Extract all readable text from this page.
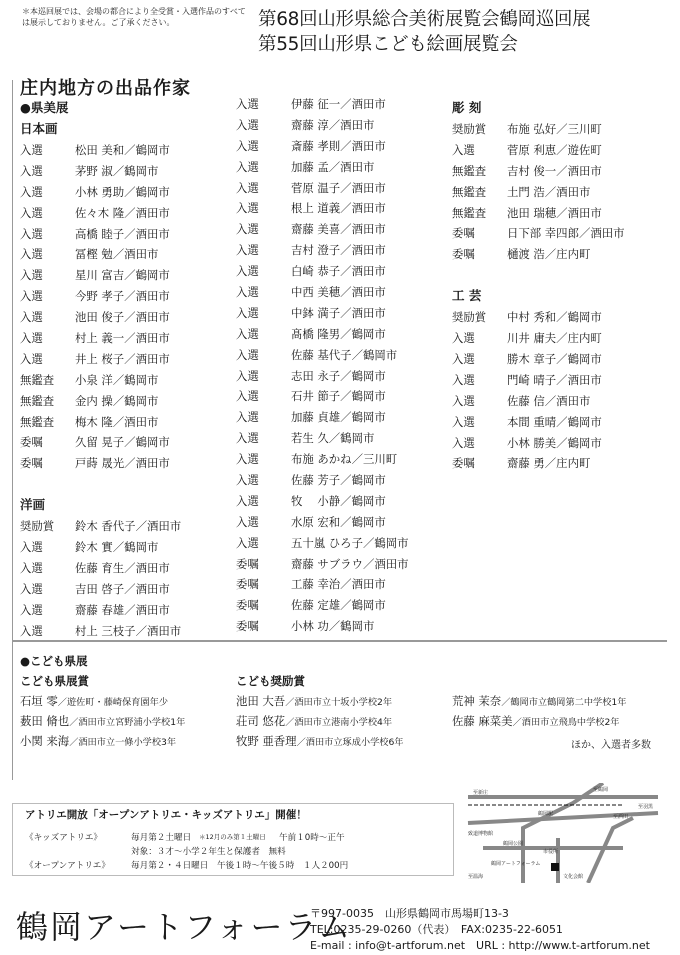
＊本巡回展では、会場の都合により全受賞・入選作品のすべては展示しておりません。ご了承ください。	第68回山形県総合美術展覧会鶴岡巡回展
第55回山形県こども絵画展覧会
庄内地方の出品作家
●県美展
日本画
入選	松田 美和／鶴岡市
入選	茅野 淑／鶴岡市
入選	小林 勇助／鶴岡市
入選	佐々木 隆／酒田市
入選	高橋 睦子／酒田市
入選	冨樫 勉／酒田市
入選	星川 富吉／鶴岡市
入選	今野 孝子／酒田市
入選	池田 俊子／酒田市
入選	村上 義一／酒田市
入選	井上 桜子／酒田市
無鑑査 小泉 洋／鶴岡市
無鑑査 金内 操／鶴岡市
無鑑査 梅木 隆／酒田市
委嘱	久留 晃子／鶴岡市
委嘱	戸蒔 晟光／酒田市
洋画
奨励賞 鈴木 香代子／酒田市
入選	鈴木 實／鶴岡市
入選	佐藤 育生／酒田市
入選	吉田 啓子／酒田市
入選	齋藤 春雄／酒田市
入選	村上 三枝子／酒田市
入選	伊藤 征一／酒田市
入選	齋藤 淳／酒田市
入選	斎藤 孝則／酒田市
入選	加藤 孟／酒田市
入選	菅原 温子／酒田市
入選	根上 道義／酒田市
入選	齋藤 美喜／酒田市
入選	吉村 澄子／酒田市
入選	白崎 恭子／酒田市
入選	中西 美穂／酒田市
入選	中鉢 満子／酒田市
入選	髙橋 隆男／鶴岡市
入選	佐藤 基代子／鶴岡市
入選	志田 永子／鶴岡市
入選	石井 節子／鶴岡市
入選	加藤 貞雄／鶴岡市
入選	若生 久／鶴岡市
入選	布施 あかね／三川町
入選	佐藤 芳子／鶴岡市
入選	牧　 小静／鶴岡市
入選	水原 宏和／鶴岡市
入選	五十嵐 ひろ子／鶴岡市
委嘱	齋藤 サブラウ／酒田市
委嘱	工藤 幸治／酒田市
委嘱	佐藤 定雄／鶴岡市
委嘱	小林 功／鶴岡市
彫 刻
奨励賞 布施 弘好／三川町
入選	菅原 利恵／遊佐町
無鑑査 吉村 俊一／酒田市
無鑑査 土門 浩／酒田市
無鑑査 池田 瑞穂／酒田市
委嘱	日下部 幸四郎／酒田市
委嘱	樋渡 浩／庄内町
工 芸
奨励賞 中村 秀和／鶴岡市
入選	川井 庸夫／庄内町
入選	勝木 章子／鶴岡市
入選	門崎 晴子／酒田市
入選	佐藤 信／酒田市
入選	本間 重晴／鶴岡市
入選	小林 勝美／鶴岡市
委嘱	齋藤 勇／庄内町
●こども県展
こども県展賞
石垣 零／遊佐町・藤崎保育園年少
薮田 脩也／酒田市立宮野浦小学校1年
小関 来海／酒田市立一條小学校3年
こども奨励賞
池田 大吾／酒田市立十坂小学校2年
荘司 悠花／酒田市立港南小学校4年
牧野 亜香理／酒田市立琢成小学校6年
荒神 茉奈／鶴岡市立鶴岡第二中学校1年
佐藤 麻菜美／酒田市立飛鳥中学校2年
ほか、入選者多数
アトリエ開放「オープンアトリエ・キッズアトリエ」開催！
《キッズアトリエ》	毎月第２土曜日 ＊12月のみ第１土曜日 午前１0時〜正午
対象：３才〜小学２年生と保護者　無料
《オープンアトリエ》 毎月第２・４日曜日　午後１時〜午後５時　１人２00円
至新庄
至酒田
致道博物館
鶴岡駅
市役所
鶴岡アートフォーラム
至鶴岡
文化会館
至羽黒
至温海
鶴岡公園
鶴岡アートフォーラム
〒997-0035　山形県鶴岡市馬場町13-3
TEL:0235-29-0260（代表）　FAX:0235-22-6051
E-mail : info@t-artforum.net　URL : http://www.t-artforum.net
